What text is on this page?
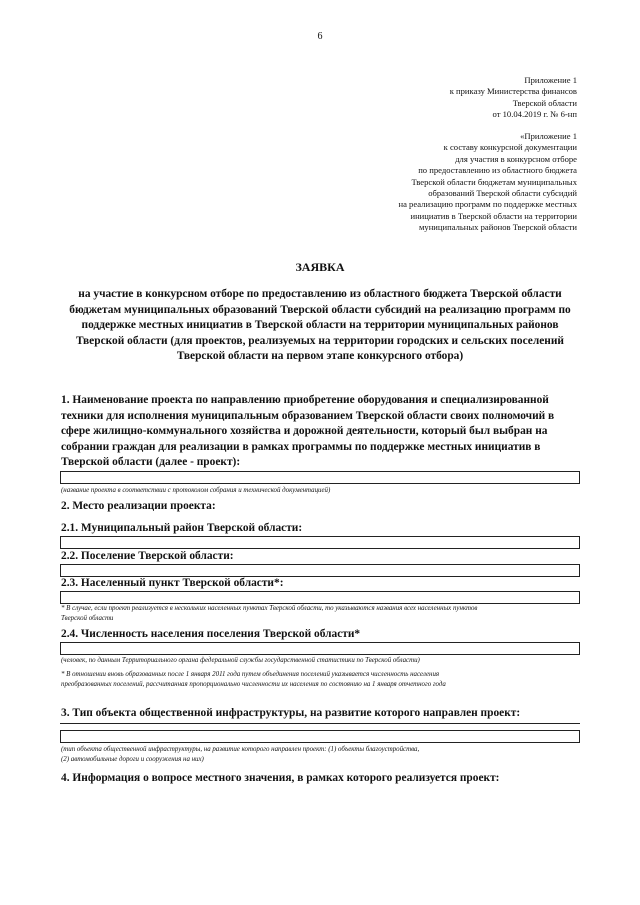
6
Приложение 1
к приказу Министерства финансов
Тверской области
от 10.04.2019 г. № 6-нп
«Приложение 1
к составу конкурсной документации
для участия в конкурсном отборе
по предоставлению из областного бюджета
Тверской области бюджетам муниципальных
образований Тверской области субсидий
на реализацию программ по поддержке местных
инициатив в Тверской области на территории
муниципальных районов Тверской области
ЗАЯВКА
на участие в конкурсном отборе по предоставлению из областного бюджета Тверской области
бюджетам муниципальных образований Тверской области субсидий на реализацию программ по
поддержке местных инициатив в Тверской области на территории муниципальных районов
Тверской области (для проектов, реализуемых на территории городских и сельских поселений
Тверской области на первом этапе конкурсного отбора)
1. Наименование проекта по направлению приобретение оборудования и специализированной
техники для исполнения муниципальным образованием Тверской области своих полномочий в
сфере жилищно-коммунального хозяйства и дорожной деятельности, который был выбран на
собрании граждан для реализации в рамках программы по поддержке местных инициатив в
Тверской области (далее - проект):
(название проекта в соответствии с протоколом собрания и технической документацией)
2. Место реализации проекта:
2.1. Муниципальный район Тверской области:
2.2. Поселение Тверской области:
2.3. Населенный пункт Тверской области*:
* В случае, если проект реализуется в нескольких населенных пунктах Тверской области, то указываются названия всех населенных пунктов
Тверской области
2.4. Численность населения поселения Тверской области*
(человек, по данным Территориального органа федеральной службы государственной статистики по Тверской области)
* В отношении вновь образованных после 1 января 2011 года путем объединения поселений указывается численность населения
преобразованных поселений, рассчитанная пропорционально численности их населения по состоянию на 1 января отчетного года
3. Тип объекта общественной инфраструктуры, на развитие которого направлен проект:
(тип объекта общественной инфраструктуры, на развитие которого направлен проект: (1) объекты благоустройства,
(2) автомобильные дороги и сооружения на них)
4. Информация о вопросе местного значения, в рамках которого реализуется проект:
